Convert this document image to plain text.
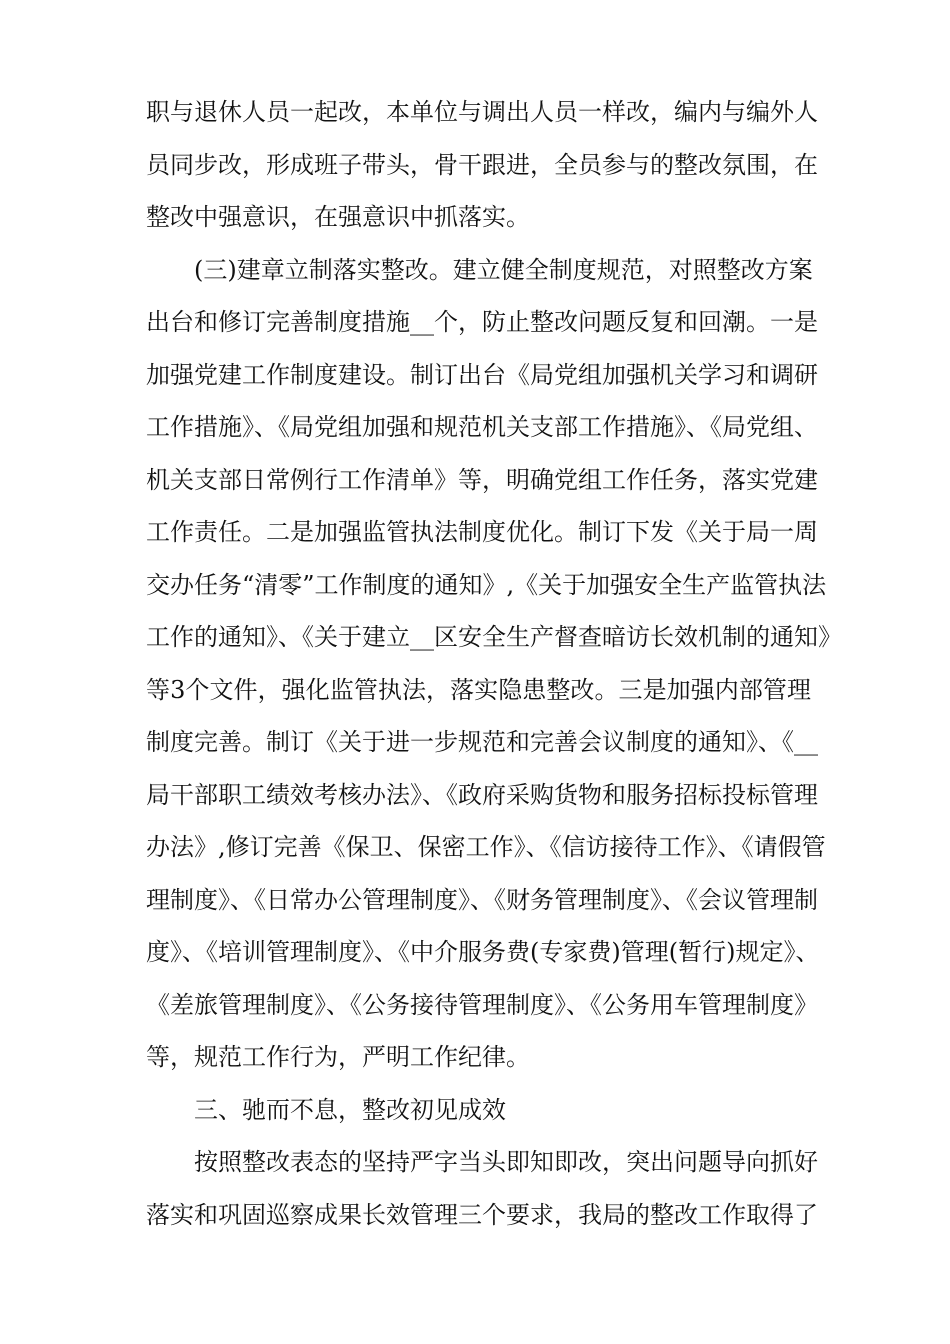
职与退休人员一起改，本单位与调出人员一样改，编内与编外人
员同步改，形成班子带头，骨干跟进，全员参与的整改氛围，在
整改中强意识，在强意识中抓落实。
(三)建章立制落实整改。建立健全制度规范，对照整改方案
出台和修订完善制度措施__个，防止整改问题反复和回潮。一是
加强党建工作制度建设。制订出台《局党组加强机关学习和调研
工作措施》、《局党组加强和规范机关支部工作措施》、《局党组、
机关支部日常例行工作清单》等，明确党组工作任务，落实党建
工作责任。二是加强监管执法制度优化。制订下发《关于局一周
交办任务“清零”工作制度的通知》,《关于加强安全生产监管执法
工作的通知》、《关于建立__区安全生产督查暗访长效机制的通知》
等3个文件，强化监管执法，落实隐患整改。三是加强内部管理
制度完善。制订《关于进一步规范和完善会议制度的通知》、《__
局干部职工绩效考核办法》、《政府采购货物和服务招标投标管理
办法》,修订完善《保卫、保密工作》、《信访接待工作》、《请假管
理制度》、《日常办公管理制度》、《财务管理制度》、《会议管理制
度》、《培训管理制度》、《中介服务费(专家费)管理(暂行)规定》、
《差旅管理制度》、《公务接待管理制度》、《公务用车管理制度》
等，规范工作行为，严明工作纪律。
三、驰而不息，整改初见成效
按照整改表态的坚持严字当头即知即改，突出问题导向抓好
落实和巩固巡察成果长效管理三个要求，我局的整改工作取得了
